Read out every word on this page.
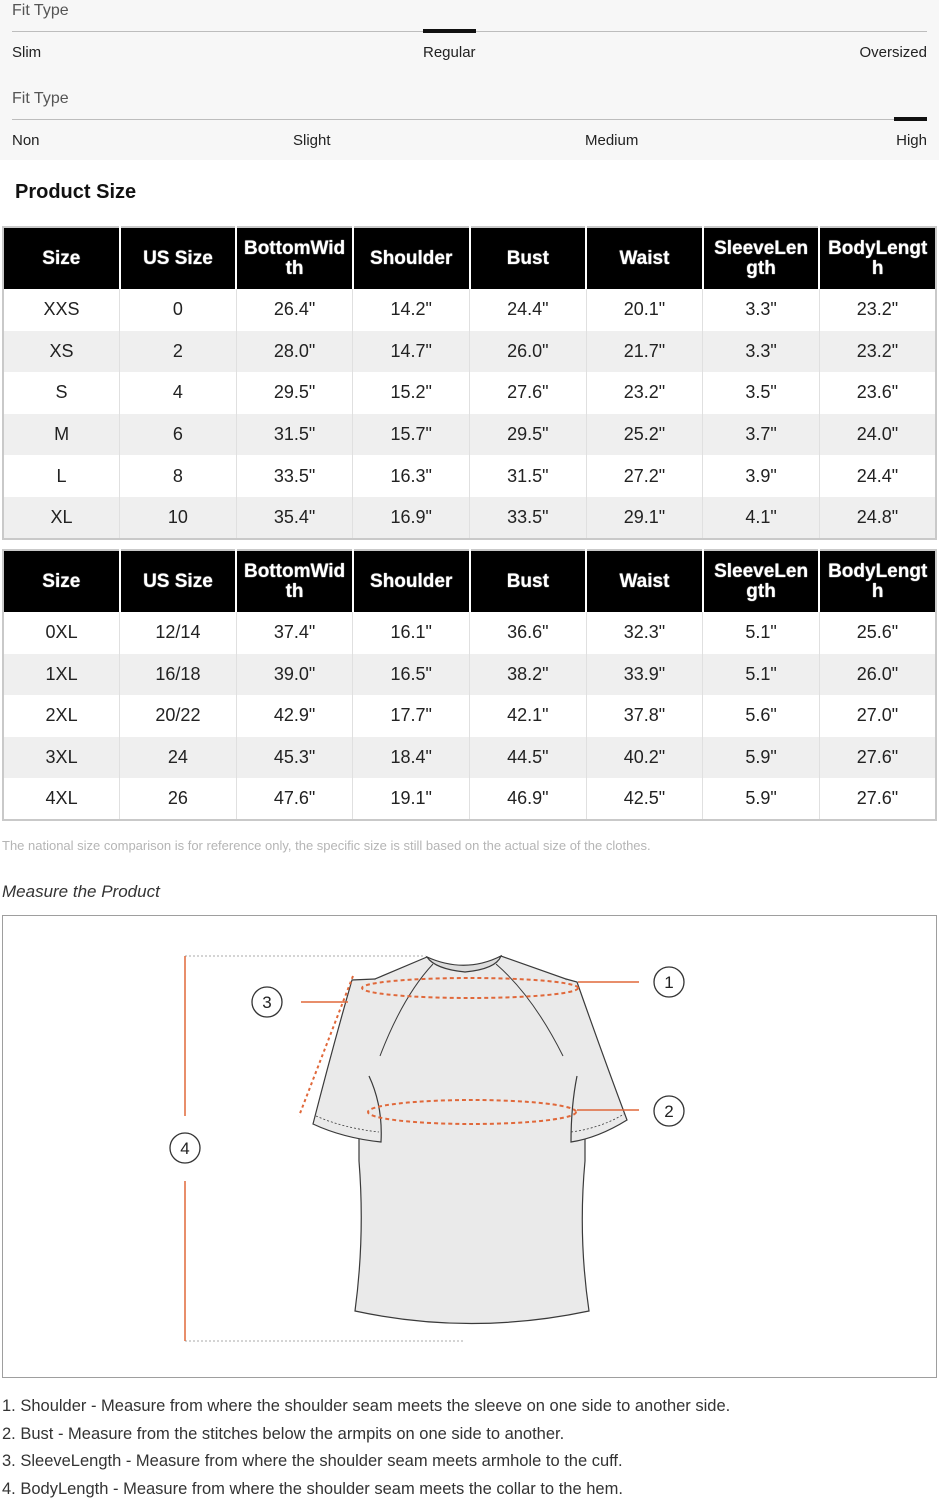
Fit Type
Slim	Regular	Oversized
Fit Type
Non	Slight	Medium	High
Product Size
Size	US Size	BottomWidth	Shoulder	Bust	Waist	SleeveLength	BodyLength
XXS	0	26.4"	14.2"	24.4"	20.1"	3.3"	23.2"
XS	2	28.0"	14.7"	26.0"	21.7"	3.3"	23.2"
S	4	29.5"	15.2"	27.6"	23.2"	3.5"	23.6"
M	6	31.5"	15.7"	29.5"	25.2"	3.7"	24.0"
L	8	33.5"	16.3"	31.5"	27.2"	3.9"	24.4"
XL	10	35.4"	16.9"	33.5"	29.1"	4.1"	24.8"
Size	US Size	BottomWidth	Shoulder	Bust	Waist	SleeveLength	BodyLength
0XL	12/14	37.4"	16.1"	36.6"	32.3"	5.1"	25.6"
1XL	16/18	39.0"	16.5"	38.2"	33.9"	5.1"	26.0"
2XL	20/22	42.9"	17.7"	42.1"	37.8"	5.6"	27.0"
3XL	24	45.3"	18.4"	44.5"	40.2"	5.9"	27.6"
4XL	26	47.6"	19.1"	46.9"	42.5"	5.9"	27.6"
The national size comparison is for reference only, the specific size is still based on the actual size of the clothes.
Measure the Product
1
2
3
4
1. Shoulder - Measure from where the shoulder seam meets the sleeve on one side to another side.
2. Bust - Measure from the stitches below the armpits on one side to another.
3. SleeveLength - Measure from where the shoulder seam meets armhole to the cuff.
4. BodyLength - Measure from where the shoulder seam meets the collar to the hem.
